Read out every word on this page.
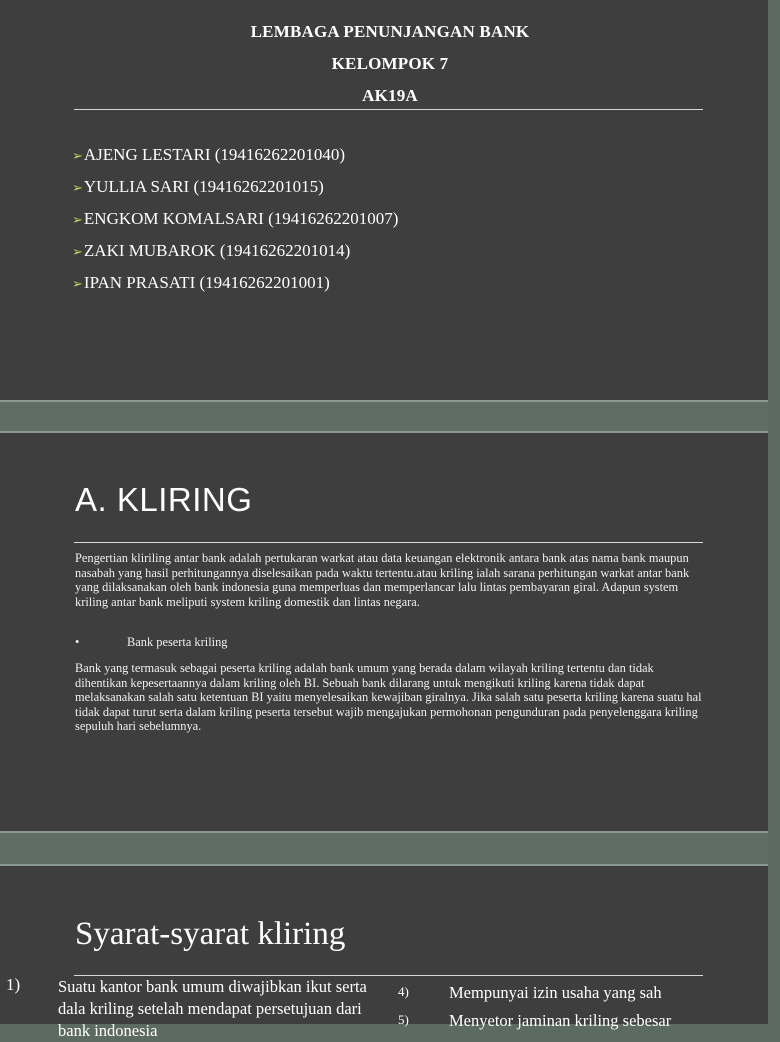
LEMBAGA PENUNJANGAN BANK
KELOMPOK 7
AK19A
➢AJENG LESTARI (19416262201040)
➢YULLIA SARI (19416262201015)
➢ENGKOM KOMALSARI (19416262201007)
➢ZAKI MUBAROK (19416262201014)
➢IPAN PRASATI (19416262201001)
A. KLIRING
Pengertian kliriling antar bank adalah pertukaran warkat atau data keuangan elektronik antara bank atas nama bank maupun nasabah yang hasil perhitungannya diselesaikan pada waktu tertentu.atau kriling ialah sarana perhitungan warkat antar bank yang dilaksanakan oleh bank indonesia guna memperluas dan memperlancar lalu lintas pembayaran giral. Adapun system kriling antar bank meliputi system kriling domestik dan lintas negara.
•	Bank peserta kriling
Bank yang termasuk sebagai peserta kriling adalah bank umum yang berada dalam wilayah kriling tertentu dan tidak dihentikan kepesertaannya dalam kriling oleh BI. Sebuah bank dilarang untuk mengikuti kriling karena tidak dapat melaksanakan salah satu ketentuan BI yaitu menyelesaikan kewajiban giralnya. Jika salah satu peserta kriling karena suatu hal tidak dapat turut serta dalam kriling peserta tersebut wajib mengajukan permohonan pengunduran pada penyelenggara kriling sepuluh hari sebelumnya.
Syarat-syarat kliring
1) Suatu kantor bank umum diwajibkan ikut serta dala kriling setelah mendapat persetujuan dari bank indonesia
4) Mempunyai izin usaha yang sah
5) Menyetor jaminan kriling sebesar
